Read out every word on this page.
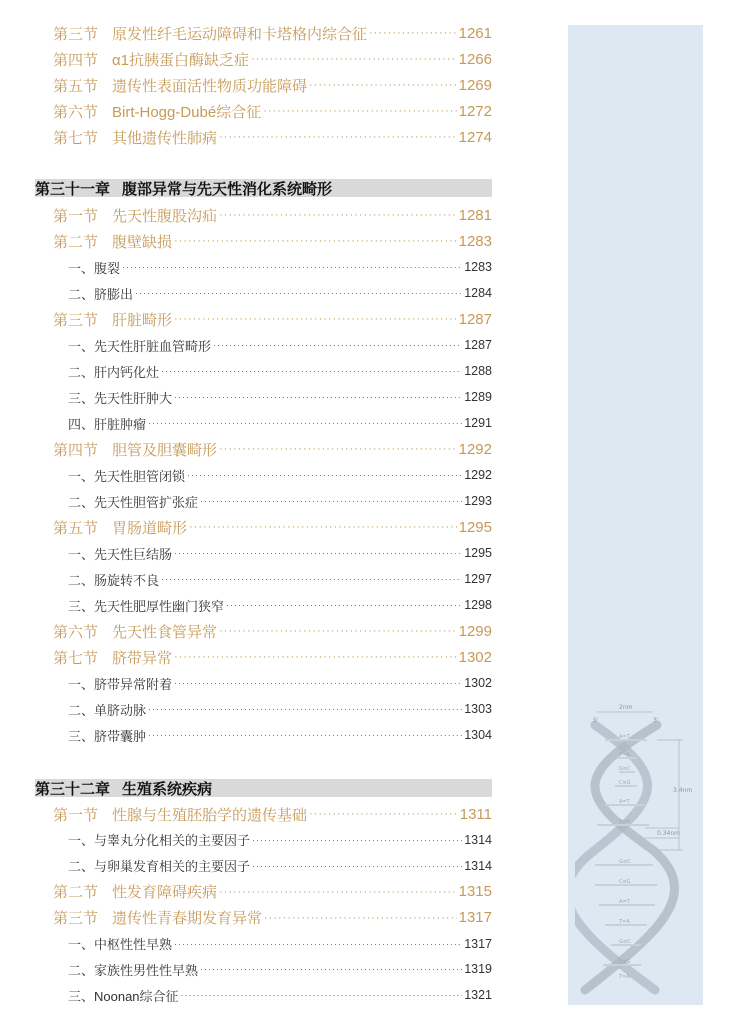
第三节 原发性纤毛运动障碍和卡塔格内综合征 ·····	1261
第四节 α1抗胰蛋白酶缺乏症 ·····	1266
第五节 遗传性表面活性物质功能障碍 ·····	1269
第六节 Birt-Hogg-Dubé综合征 ·····	1272
第七节 其他遗传性肺病 ·····	1274
第三十一章 腹部异常与先天性消化系统畸形
第一节 先天性腹股沟疝 ·····	1281
第二节 腹壁缺损 ·····	1283
一、腹裂 ·····	1283
二、脐膨出 ·····	1284
第三节 肝脏畸形 ·····	1287
一、先天性肝脏血管畸形 ·····	1287
二、肝内钙化灶 ·····	1288
三、先天性肝肿大 ·····	1289
四、肝脏肿瘤 ·····	1291
第四节 胆管及胆囊畸形 ·····	1292
一、先天性胆管闭锁 ·····	1292
二、先天性胆管扩张症 ·····	1293
第五节 胃肠道畸形 ·····	1295
一、先天性巨结肠 ·····	1295
二、肠旋转不良 ·····	1297
三、先天性肥厚性幽门狭窄 ·····	1298
第六节 先天性食管异常 ·····	1299
第七节 脐带异常 ·····	1302
一、脐带异常附着 ·····	1302
二、单脐动脉 ·····	1303
三、脐带囊肿 ·····	1304
第三十二章 生殖系统疾病
第一节 性腺与生殖胚胎学的遗传基础 ·····	1311
一、与睾丸分化相关的主要因子 ·····	1314
二、与卵巢发育相关的主要因子 ·····	1314
第二节 性发育障碍疾病 ·····	1315
第三节 遗传性青春期发育异常 ·····	1317
一、中枢性性早熟 ·····	1317
二、家族性男性性早熟 ·····	1319
三、Noonan综合征 ·····	1321
2nm
5'	3'
3.4nm
0.34nm
A=T
T=A
G≡C
C≡G
A=T
T=A
G≡C
C≡G
A=T
T=A
G≡C
C≡G
T=A
